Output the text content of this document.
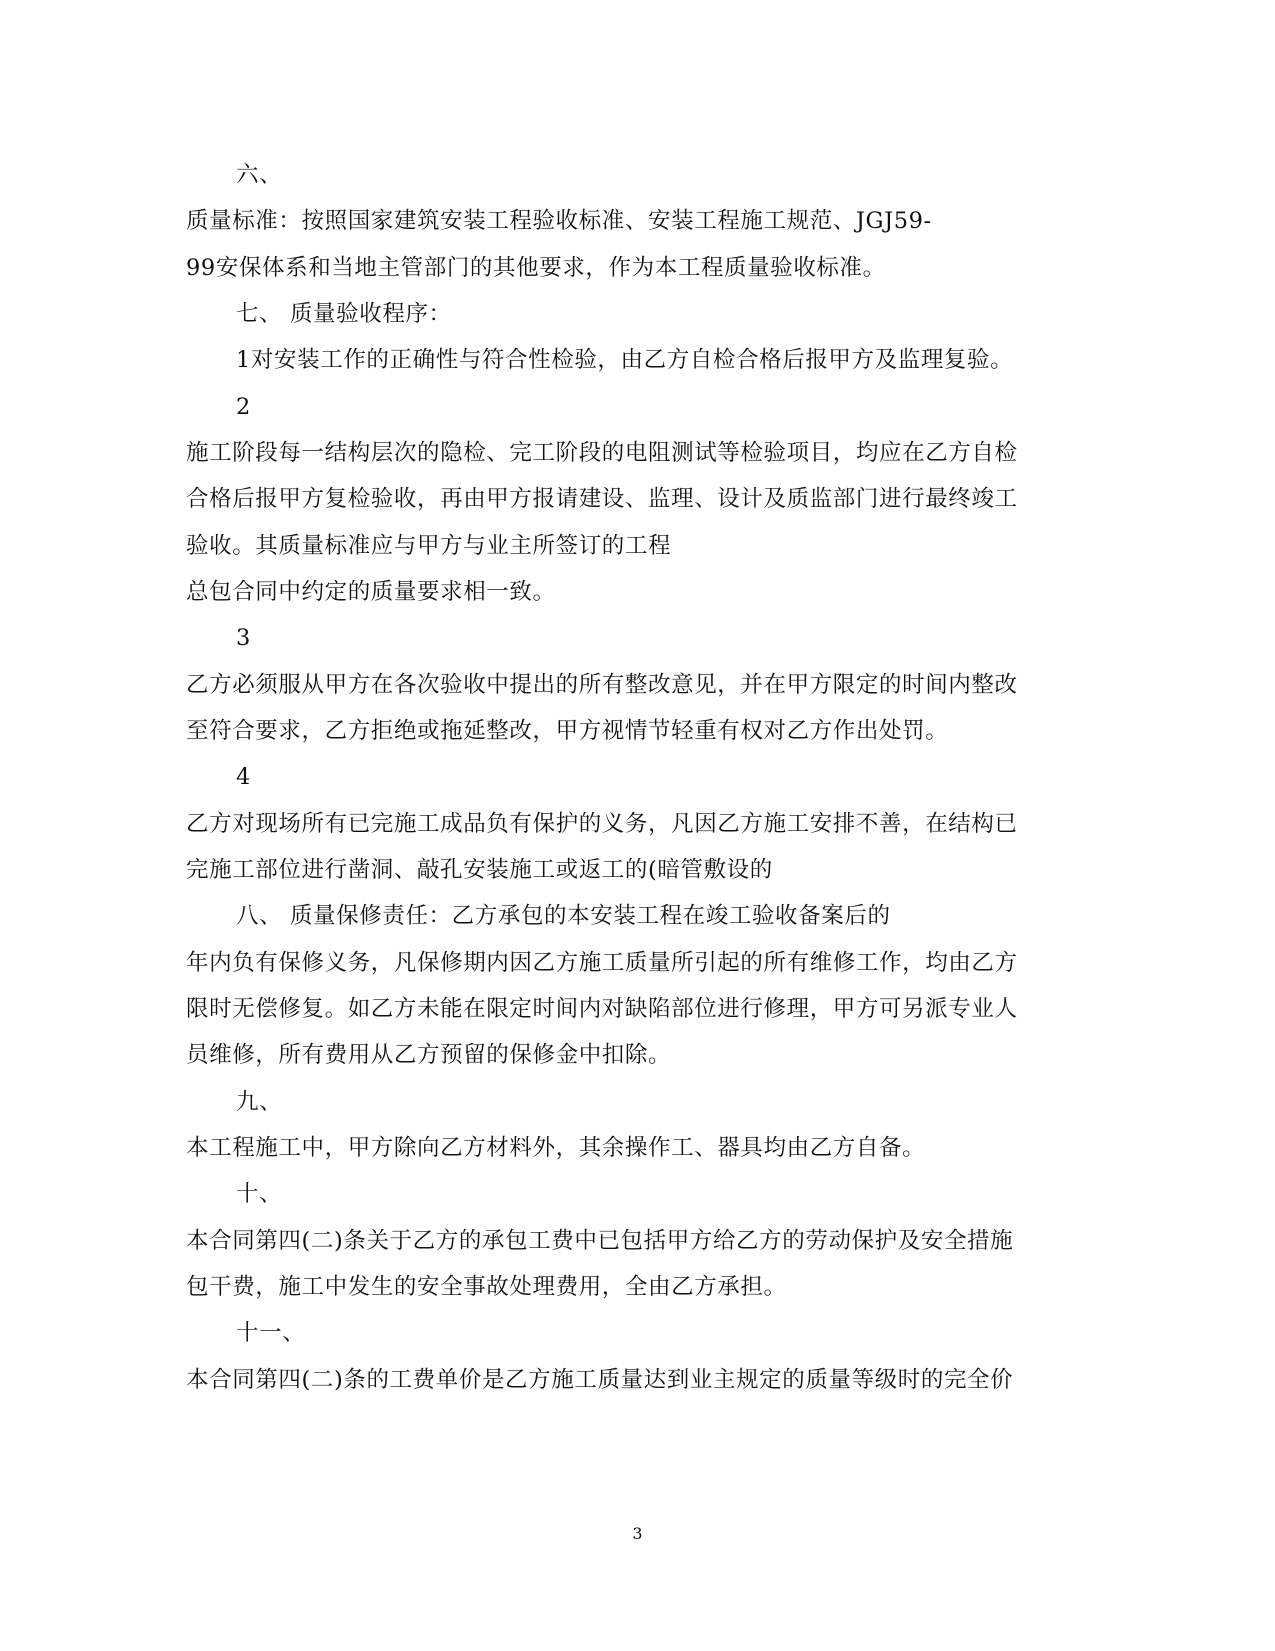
六、
质量标准：按照国家建筑安装工程验收标准、安装工程施工规范、JGJ59-
99安保体系和当地主管部门的其他要求，作为本工程质量验收标准。
七、 质量验收程序：
1对安装工作的正确性与符合性检验，由乙方自检合格后报甲方及监理复验。
2
施工阶段每一结构层次的隐检、完工阶段的电阻测试等检验项目，均应在乙方自检
合格后报甲方复检验收，再由甲方报请建设、监理、设计及质监部门进行最终竣工
验收。其质量标准应与甲方与业主所签订的工程
总包合同中约定的质量要求相一致。
3
乙方必须服从甲方在各次验收中提出的所有整改意见，并在甲方限定的时间内整改
至符合要求，乙方拒绝或拖延整改，甲方视情节轻重有权对乙方作出处罚。
4
乙方对现场所有已完施工成品负有保护的义务，凡因乙方施工安排不善，在结构已
完施工部位进行凿洞、敲孔安装施工或返工的(暗管敷设的
八、 质量保修责任：乙方承包的本安装工程在竣工验收备案后的
年内负有保修义务，凡保修期内因乙方施工质量所引起的所有维修工作，均由乙方
限时无偿修复。如乙方未能在限定时间内对缺陷部位进行修理，甲方可另派专业人
员维修，所有费用从乙方预留的保修金中扣除。
九、
本工程施工中，甲方除向乙方材料外，其余操作工、器具均由乙方自备。
十、
本合同第四(二)条关于乙方的承包工费中已包括甲方给乙方的劳动保护及安全措施
包干费，施工中发生的安全事故处理费用，全由乙方承担。
十一、
本合同第四(二)条的工费单价是乙方施工质量达到业主规定的质量等级时的完全价
3
